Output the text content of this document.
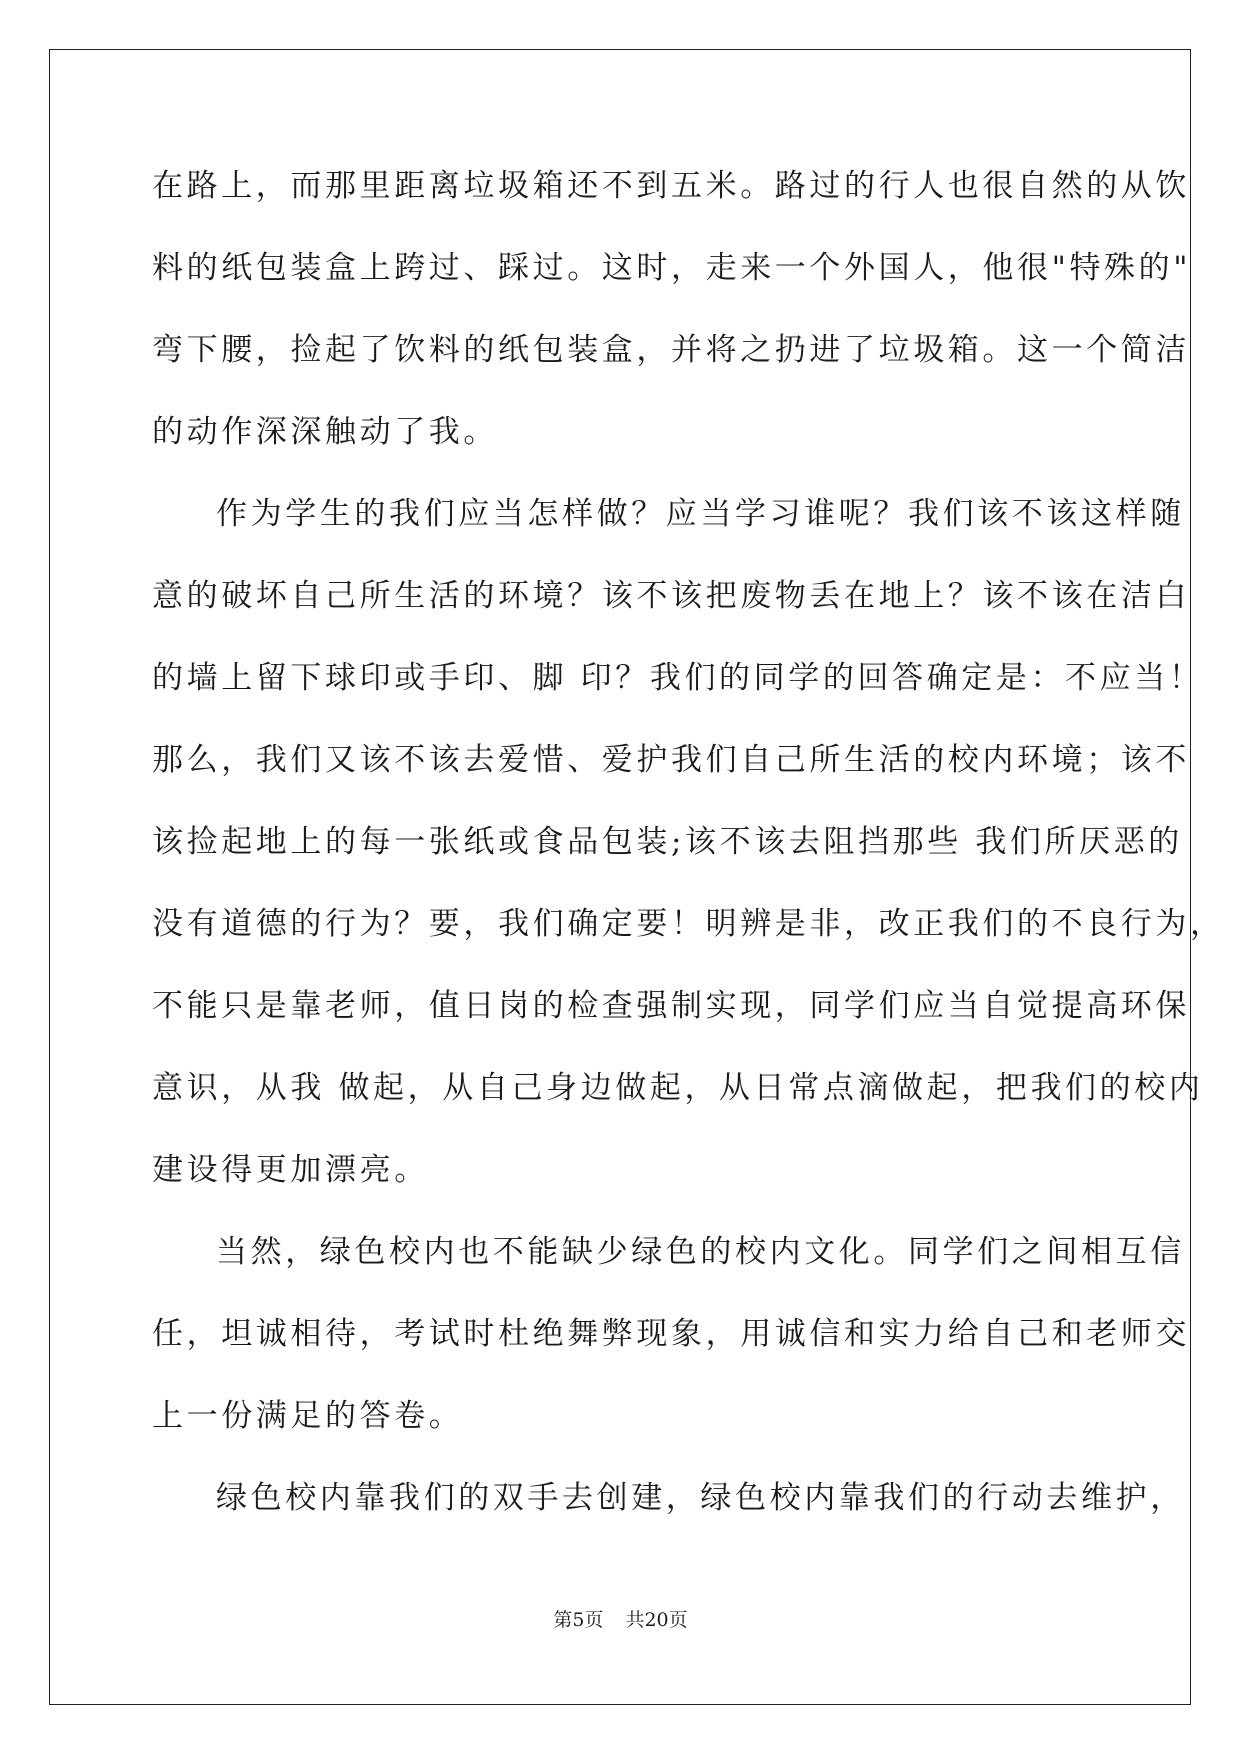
在路上，而那里距离垃圾箱还不到五米。路过的行人也很自然的从饮
料的纸包装盒上跨过、踩过。这时，走来一个外国人，他很"特殊的"
弯下腰，捡起了饮料的纸包装盒，并将之扔进了垃圾箱。这一个简洁
的动作深深触动了我。
作为学生的我们应当怎样做？应当学习谁呢？我们该不该这样随
意的破坏自己所生活的环境？该不该把废物丢在地上？该不该在洁白
的墙上留下球印或手印、脚 印？我们的同学的回答确定是：不应当！
那么，我们又该不该去爱惜、爱护我们自己所生活的校内环境；该不
该捡起地上的每一张纸或食品包装;该不该去阻挡那些 我们所厌恶的
没有道德的行为？要，我们确定要！明辨是非，改正我们的不良行为，
不能只是靠老师，值日岗的检查强制实现，同学们应当自觉提高环保
意识，从我 做起，从自己身边做起，从日常点滴做起，把我们的校内
建设得更加漂亮。
当然，绿色校内也不能缺少绿色的校内文化。同学们之间相互信
任，坦诚相待，考试时杜绝舞弊现象，用诚信和实力给自己和老师交
上一份满足的答卷。
绿色校内靠我们的双手去创建，绿色校内靠我们的行动去维护，
第5页 共20页
